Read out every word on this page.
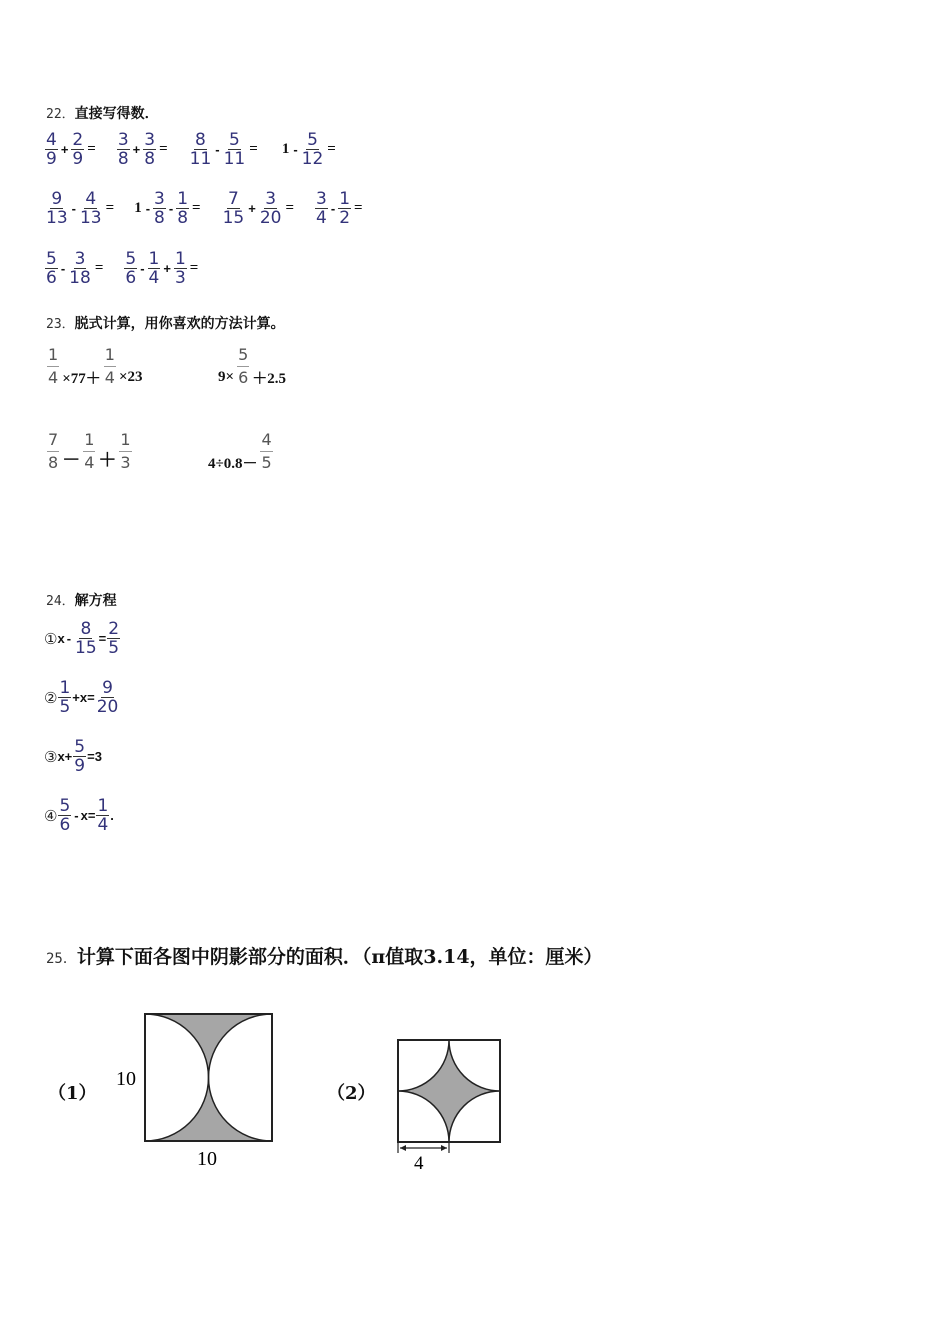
22．直接写得数．
$\frac{4}{9} + \frac{2}{9} = \frac{3}{8} + \frac{3}{8} = \frac{8}{11} - \frac{5}{11} = 1 - \frac{5}{12}$ =
$\frac{9}{13} - \frac{4}{13} = 1 - \frac{3}{8} - \frac{1}{8} = \frac{7}{15} + \frac{3}{20} = \frac{3}{4} - \frac{1}{2}$ =
$\frac{5}{6} - \frac{3}{18} = \frac{5}{6} - \frac{1}{4} + \frac{1}{3}$ =
23．脱式计算，用你喜欢的方法计算。
$\frac{1}{4} \times 77+ \frac{1}{4} \times 23$	$9\times \frac{5}{6} +2.5$
$\frac{7}{8} - \frac{1}{4} + \frac{1}{3}$	$4\div 0.8- \frac{4}{5}$
24．解方程
① $x - \frac{8}{15} = \frac{2}{5}$
② $\frac{1}{5} +x= \frac{9}{20}$
③ $x+ \frac{5}{9} =3$
④ $\frac{5}{6} - x= \frac{1}{4}$ .
25．计算下面各图中阴影部分的面积．（π值取3.14，单位：厘米）
（1）
10
10
（2）
4
